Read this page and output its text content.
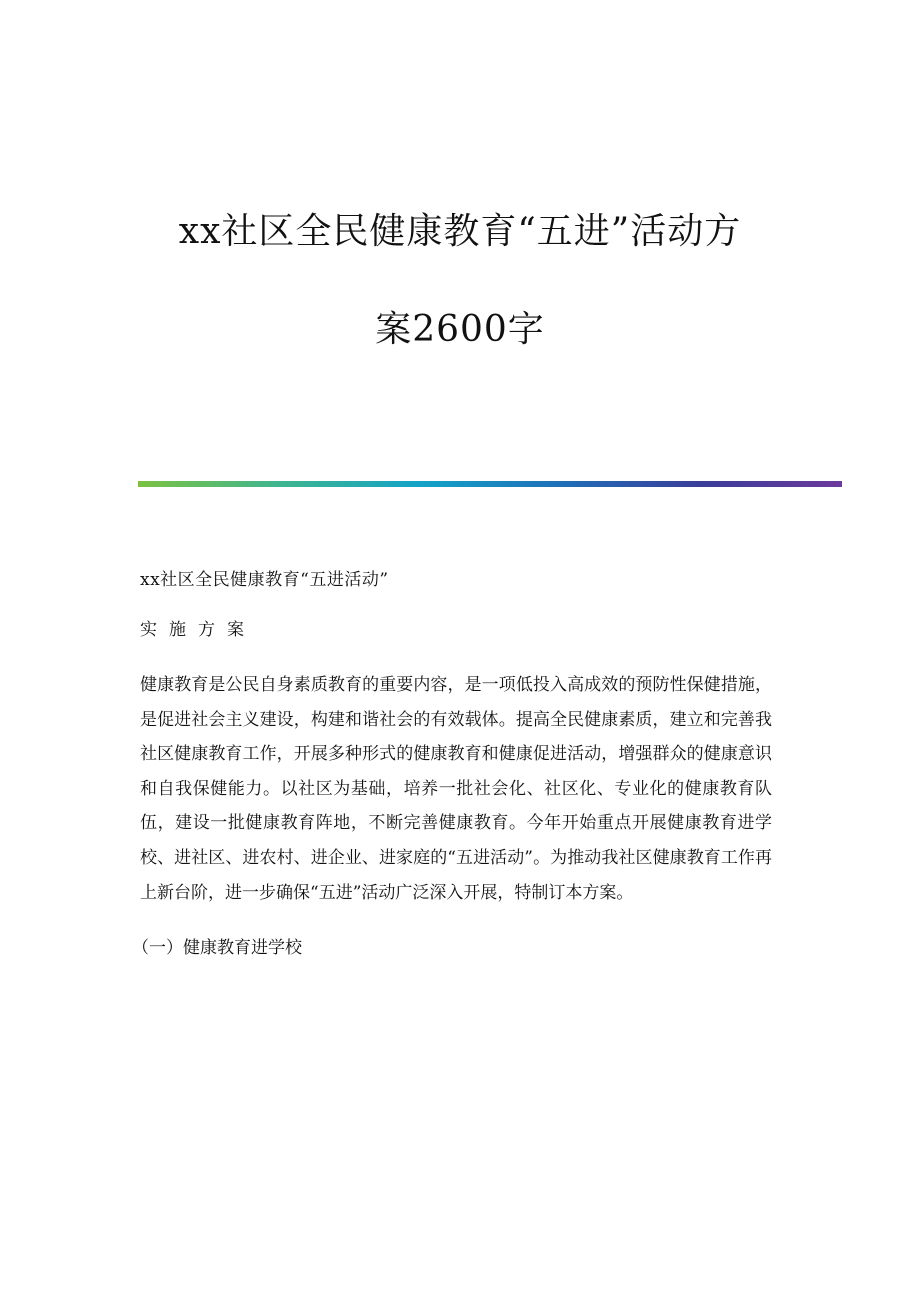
xx社区全民健康教育“五进”活动方

案2600字

xx社区全民健康教育“五进活动”

实施方案

健康教育是公民自身素质教育的重要内容，是一项低投入高成效的预防性保健措施，是促进社会主义建设，构建和谐社会的有效载体。提高全民健康素质，建立和完善我社区健康教育工作，开展多种形式的健康教育和健康促进活动，增强群众的健康意识和自我保健能力。以社区为基础，培养一批社会化、社区化、专业化的健康教育队伍，建设一批健康教育阵地，不断完善健康教育。今年开始重点开展健康教育进学校、进社区、进农村、进企业、进家庭的“五进活动”。为推动我社区健康教育工作再上新台阶，进一步确保“五进”活动广泛深入开展，特制订本方案。

（一）健康教育进学校
